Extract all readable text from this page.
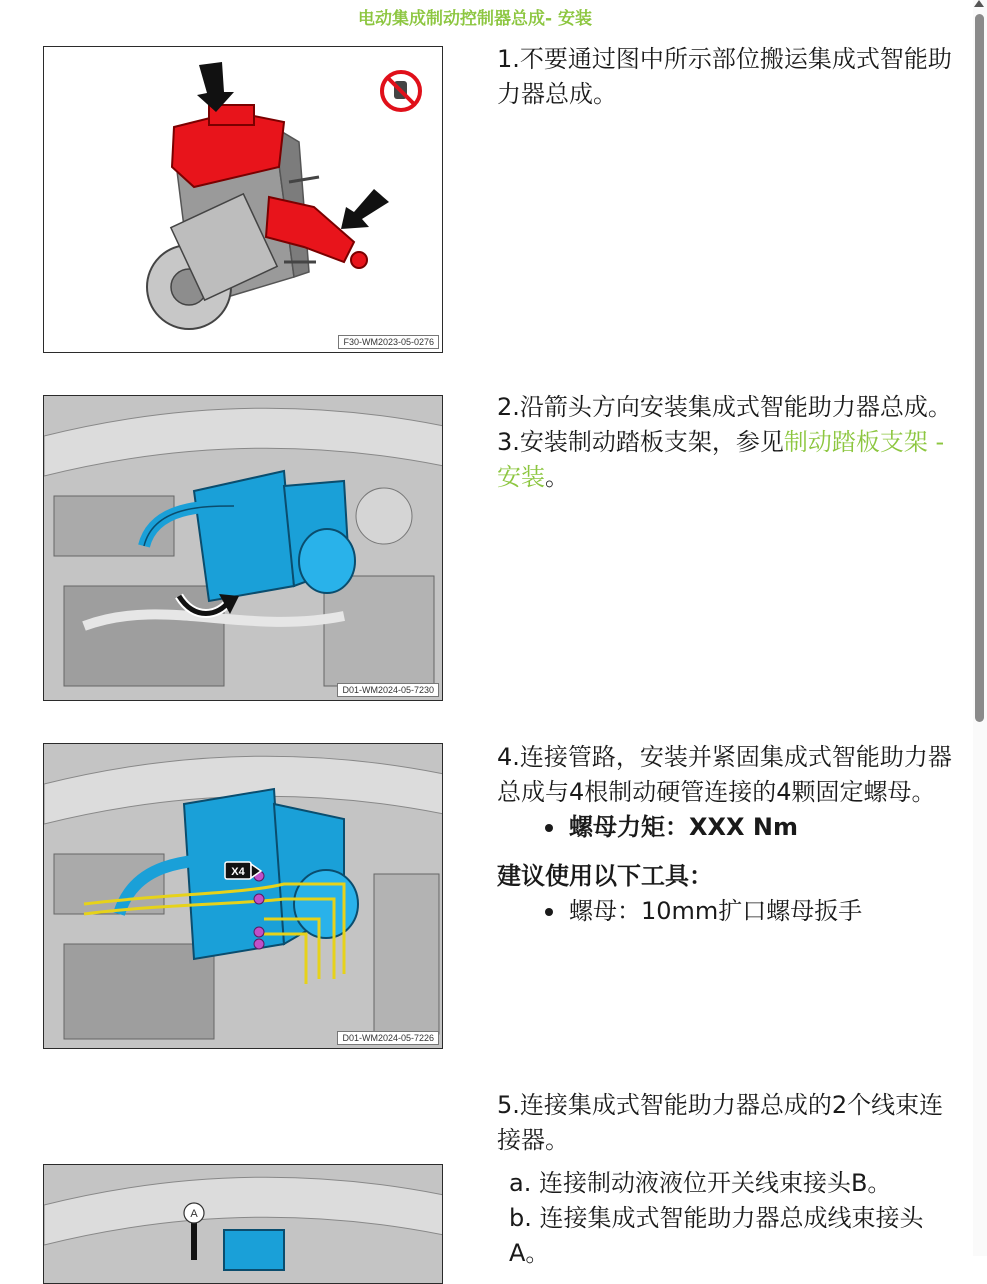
电动集成制动控制器总成- 安装
F30-WM2023-05-0276
1.不要通过图中所示部位搬运集成式智能助力器总成。
D01-WM2024-05-7230
2.沿箭头方向安装集成式智能助力器总成。
3.安装制动踏板支架，参见制动踏板支架 - 安装。
X4
D01-WM2024-05-7226
4.连接管路，安装并紧固集成式智能助力器总成与4根制动硬管连接的4颗固定螺母。
螺母力矩：XXX Nm
建议使用以下工具：
螺母：10mm扩口螺母扳手
A
5.连接集成式智能助力器总成的2个线束连接器。
a. 连接制动液液位开关线束接头B。
b. 连接集成式智能助力器总成线束接头A。
